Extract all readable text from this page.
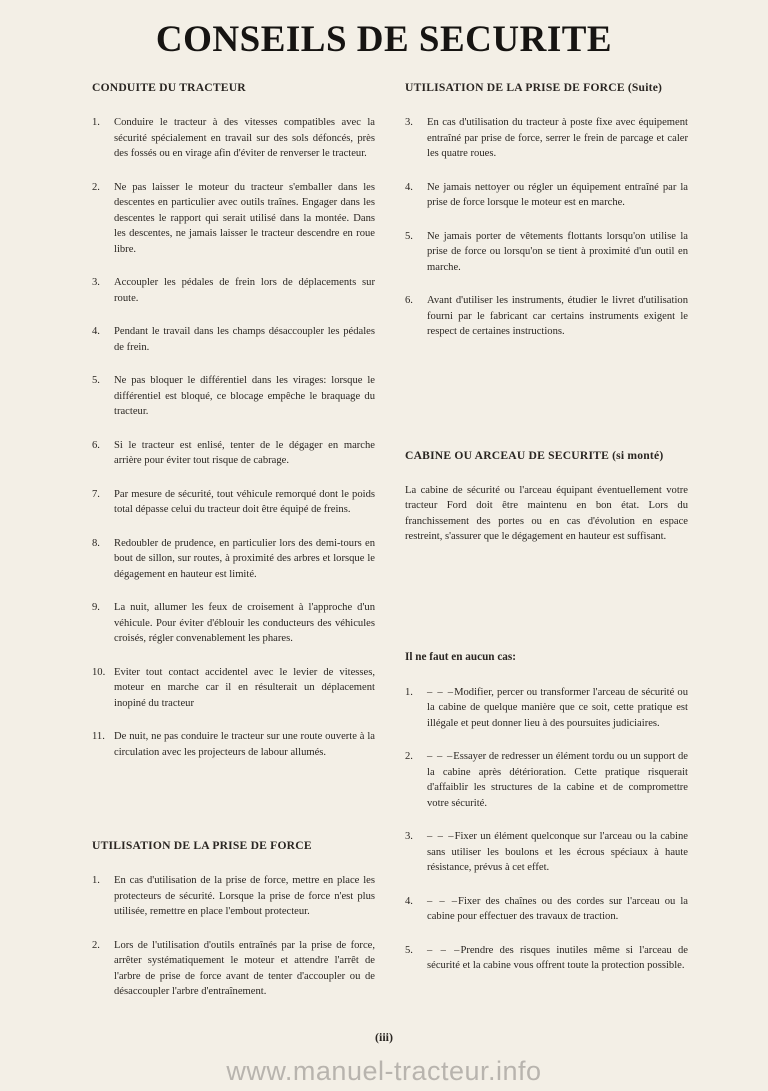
CONSEILS DE SECURITE
CONDUITE DU TRACTEUR
1.	Conduire le tracteur à des vitesses compatibles avec la sécurité spécialement en travail sur des sols défoncés, près des fossés ou en virage afin d'éviter de renverser le tracteur.
2.	Ne pas laisser le moteur du tracteur s'emballer dans les descentes en particulier avec outils traînes. Engager dans les descentes le rapport qui serait utilisé dans la montée. Dans les descentes, ne jamais laisser le tracteur descendre en roue libre.
3.	Accoupler les pédales de frein lors de déplacements sur route.
4.	Pendant le travail dans les champs désaccoupler les pédales de frein.
5.	Ne pas bloquer le différentiel dans les virages: lorsque le différentiel est bloqué, ce blocage empêche le braquage du tracteur.
6.	Si le tracteur est enlisé, tenter de le dégager en marche arrière pour éviter tout risque de cabrage.
7.	Par mesure de sécurité, tout véhicule remorqué dont le poids total dépasse celui du tracteur doit être équipé de freins.
8.	Redoubler de prudence, en particulier lors des demi-tours en bout de sillon, sur routes, à proximité des arbres et lorsque le dégagement en hauteur est limité.
9.	La nuit, allumer les feux de croisement à l'approche d'un véhicule. Pour éviter d'éblouir les conducteurs des véhicules croisés, régler convenablement les phares.
10. Eviter tout contact accidentel avec le levier de vitesses, moteur en marche car il en résulterait un déplacement inopiné du tracteur
11. De nuit, ne pas conduire le tracteur sur une route ouverte à la circulation avec les projecteurs de labour allumés.
UTILISATION DE LA PRISE DE FORCE
1.	En cas d'utilisation de la prise de force, mettre en place les protecteurs de sécurité. Lorsque la prise de force n'est plus utilisée, remettre en place l'embout protecteur.
2.	Lors de l'utilisation d'outils entraînés par la prise de force, arrêter systématiquement le moteur et attendre l'arrêt de l'arbre de prise de force avant de tenter d'accoupler ou de désaccoupler l'arbre d'entraînement.
UTILISATION DE LA PRISE DE FORCE (Suite)
3.	En cas d'utilisation du tracteur à poste fixe avec équipement entraîné par prise de force, serrer le frein de parcage et caler les quatre roues.
4.	Ne jamais nettoyer ou régler un équipement entraîné par la prise de force lorsque le moteur est en marche.
5.	Ne jamais porter de vêtements flottants lorsqu'on utilise la prise de force ou lorsqu'on se tient à proximité d'un outil en marche.
6.	Avant d'utiliser les instruments, étudier le livret d'utilisation fourni par le fabricant car certains instruments exigent le respect de certaines instructions.
CABINE OU ARCEAU DE SECURITE (si monté)

La cabine de sécurité ou l'arceau équipant éventuellement votre tracteur Ford doit être maintenu en bon état. Lors du franchissement des portes ou en cas d'évolution en espace restreint, s'assurer que le dégagement en hauteur est suffisant.

Il ne faut en aucun cas:
1.	– – –Modifier, percer ou transformer l'arceau de sécurité ou la cabine de quelque manière que ce soit, cette pratique est illégale et peut donner lieu à des poursuites judiciaires.
2.	– – –Essayer de redresser un élément tordu ou un support de la cabine après détérioration. Cette pratique risquerait d'affaiblir les structures de la cabine et de compromettre votre sécurité.
3.	– – –Fixer un élément quelconque sur l'arceau ou la cabine sans utiliser les boulons et les écrous spéciaux à haute résistance, prévus à cet effet.
4.	– – –Fixer des chaînes ou des cordes sur l'arceau ou la cabine pour effectuer des travaux de traction.
5.	– – –Prendre des risques inutiles même si l'arceau de sécurité et la cabine vous offrent toute la protection possible.
(iii)
www.manuel-tracteur.info
